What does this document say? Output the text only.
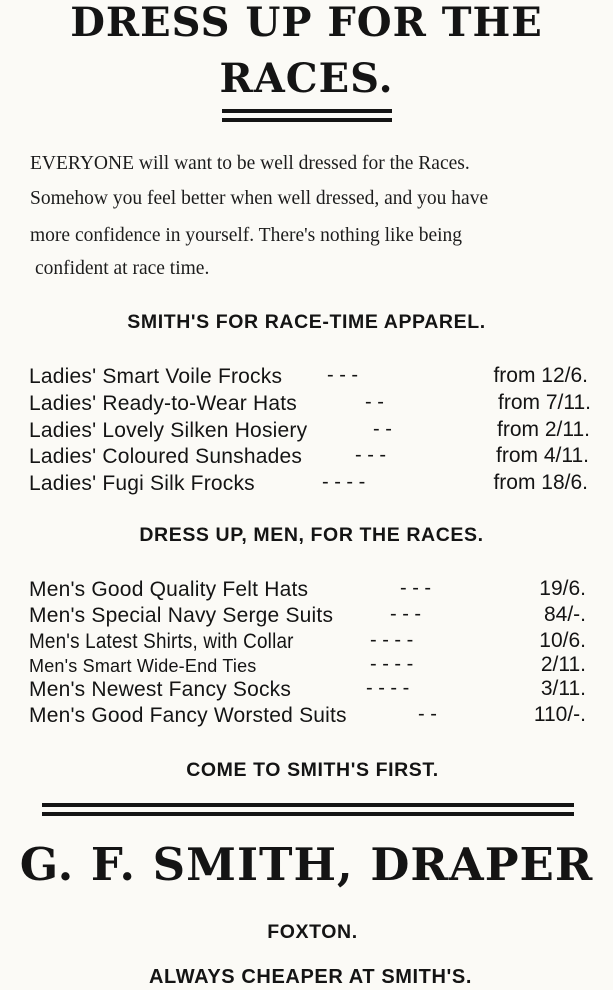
DRESS UP FOR THE
RACES.
EVERYONE will want to be well dressed for the Races.
Somehow you feel better when well dressed, and you have
more confidence in yourself. There's nothing like being
confident at race time.
SMITH'S FOR RACE-TIME APPAREL.
Ladies' Smart Voile Frocks - - -	from 12/6.
Ladies' Ready-to-Wear Hats	- -	from 7/11.
Ladies' Lovely Silken Hosiery	- -	from 2/11.
Ladies' Coloured Sunshades	- - -	from 4/11.
Ladies' Fugi Silk Frocks	- - - -	from 18/6.
DRESS UP, MEN, FOR THE RACES.
Men's Good Quality Felt Hats	- - -	19/6.
Men's Special Navy Serge Suits	- - -	84/-.
Men's Latest Shirts, with Collar	- - - -	10/6.
Men's Smart Wide-End Ties	- - - -	2/11.
Men's Newest Fancy Socks	- - - -	3/11.
Men's Good Fancy Worsted Suits	- -	110/-.
COME TO SMITH'S FIRST.
G. F. SMITH, DRAPER
FOXTON.
ALWAYS CHEAPER AT SMITH'S.
